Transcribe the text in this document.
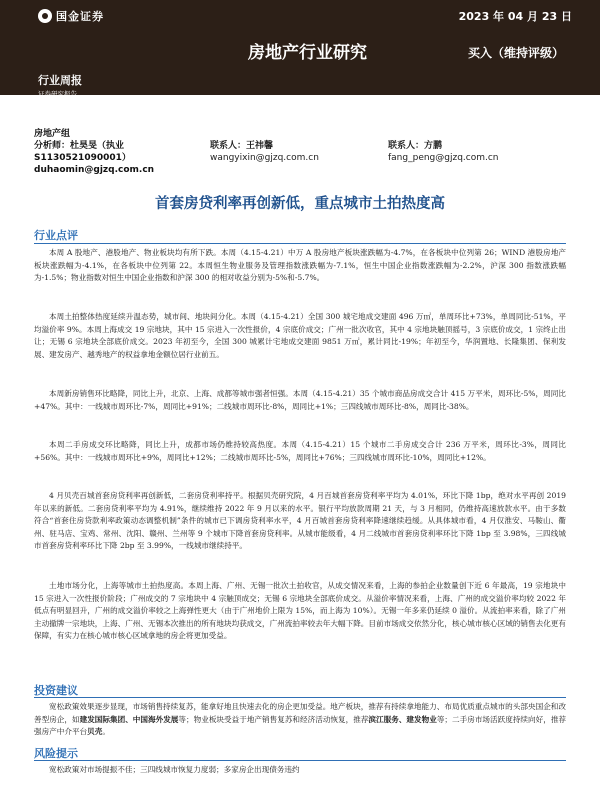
国金证券	2023 年 04 月 23 日
房地产行业研究	买入（维持评级）
行业周报
证券研究报告
房地产组
分析师：杜昊旻（执业
S1130521090001）
duhaomin@gjzq.com.cn
联系人：王祎馨
wangyixin@gjzq.com.cn
联系人：方鹏
fang_peng@gjzq.com.cn
首套房贷利率再创新低，重点城市土拍热度高
行业点评
本周 A 股地产、港股地产、物业板块均有所下跌。本周（4.15-4.21）中万 A 股房地产板块涨跌幅为-4.7%，在各板块中位列第 26；WIND 港股房地产板块涨跌幅为-4.1%，在各板块中位列第 22。本周恒生物业服务及管理指数涨跌幅为-7.1%，恒生中国企业指数涨跌幅为-2.2%，沪深 300 指数涨跌幅为-1.5%；物业指数对恒生中国企业指数和沪深 300 的相对收益分别为-5%和-5.7%。
本周土拍整体热度延续升温态势，城市间、地块间分化。本周（4.15-4.21）全国 300 城宅地成交建面 496 万㎡，单周环比+73%，单周同比-51%，平均溢价率 9%。本周上海成交 19 宗地块，其中 15 宗进入一次性报价，4 宗底价成交；广州一批次收官，其中 4 宗地块触顶摇号，3 宗底价成交，1 宗终止出让；无锡 6 宗地块全部底价成交。2023 年初至今，全国 300 城累计宅地成交建面 9851 万㎡，累计同比-19%；年初至今，华润置地、长隆集团、保利发展、建发房产、越秀地产的权益拿地金额位居行业前五。
本周新房销售环比略降，同比上升，北京、上海、成都等城市强者恒强。本周（4.15-4.21）35 个城市商品房成交合计 415 万平米，周环比-5%，周同比+47%。其中：一线城市周环比-7%，周同比+91%；二线城市周环比-8%，周同比+1%；三四线城市周环比-8%，周同比-38%。
本周二手房成交环比略降，同比上升，成都市场仍维持较高热度。本周（4.15-4.21）15 个城市二手房成交合计 236 万平米，周环比-3%，周同比+56%。其中：一线城市周环比+9%，周同比+12%；二线城市周环比-5%，周同比+76%；三四线城市周环比-10%，周同比+12%。
4 月贝壳百城首套房贷利率再创新低，二套房贷利率持平。根据贝壳研究院，4 月百城首套房贷利率平均为 4.01%，环比下降 1bp，绝对水平再创 2019 年以来的新低。二套房贷利率平均为 4.91%，继续维持 2022 年 9 月以来的水平。银行平均放款周期 21 天，与 3 月相同，仍维持高速放款水平。由于多数符合“首套住房贷款利率政策动态调整机制”条件的城市已下调房贷利率水平，4 月百城首套房贷利率降速继续趋缓。从具体城市看，4 月仅淮安、马鞍山、衢州、驻马店、宝鸡、常州、沈阳、赣州、兰州等 9 个城市下降首套房贷利率。从城市能级看，4 月二线城市首套房贷利率环比下降 1bp 至 3.98%，三四线城市首套房贷利率环比下降 2bp 至 3.99%，一线城市继续持平。
土地市场分化，上海等城市土拍热度高。本周上海、广州、无锡一批次土拍收官，从成交情况来看，上海的参拍企业数量创下近 6 年最高，19 宗地块中 15 宗进入一次性报价阶段；广州成交的 7 宗地块中 4 宗触顶成交；无锡 6 宗地块全部底价成交。从溢价率情况来看，上海、广州的成交溢价率均较 2022 年低点有明显回升，广州的成交溢价率较之上海弹性更大（由于广州地价上限为 15%，而上海为 10%）。无锡一年多来仍延续 0 溢价。从流拍率来看，除了广州主动撤牌一宗地块，上海、广州、无锡本次推出的所有地块均获成交，广州流拍率较去年大幅下降。目前市场成交依然分化，核心城市核心区域的销售去化更有保障，有实力在核心城市核心区域拿地的房企将更加受益。
投资建议
宽松政策效果逐步显现，市场销售持续复苏，能拿好地且快速去化的房企更加受益。地产板块，推荐有持续拿地能力、布局优质重点城市的头部央国企和改善型房企，如建发国际集团、中国海外发展等；物业板块受益于地产销售复苏和经济活动恢复，推荐滨江服务、建发物业等；二手房市场活跃度持续向好，推荐强房产中介平台贝壳。
风险提示
宽松政策对市场提振不佳；三四线城市恢复力度弱；多家房企出现债务违约
